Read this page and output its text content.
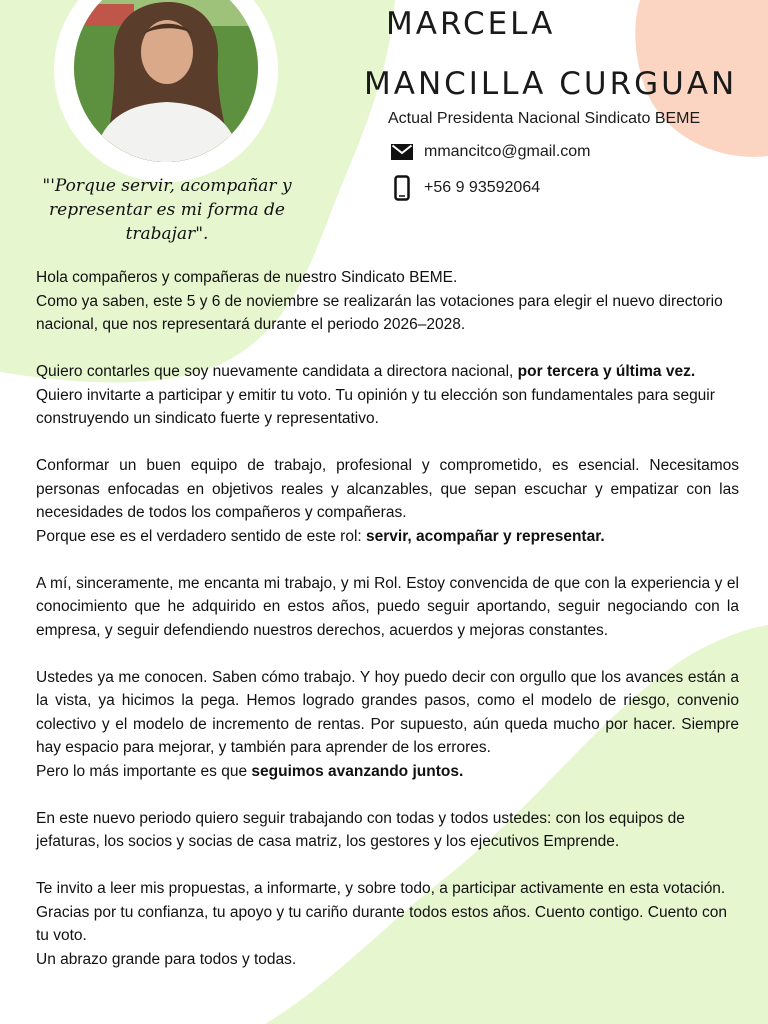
MARCELA
MANCILLA CURGUAN
Actual Presidenta Nacional Sindicato BEME
mmancitco@gmail.com
+56 9 93592064
"'Porque servir, acompañar y representar es mi forma de trabajar".

Hola compañeros y compañeras de nuestro Sindicato BEME.
Como ya saben, este 5 y 6 de noviembre se realizarán las votaciones para elegir el nuevo directorio nacional, que nos representará durante el periodo 2026–2028.

Quiero contarles que soy nuevamente candidata a directora nacional, por tercera y última vez. Quiero invitarte a participar y emitir tu voto. Tu opinión y tu elección son fundamentales para seguir construyendo un sindicato fuerte y representativo.

Conformar un buen equipo de trabajo, profesional y comprometido, es esencial. Necesitamos personas enfocadas en objetivos reales y alcanzables, que sepan escuchar y empatizar con las necesidades de todos los compañeros y compañeras.
Porque ese es el verdadero sentido de este rol: servir, acompañar y representar.

A mí, sinceramente, me encanta mi trabajo, y mi Rol. Estoy convencida de que con la experiencia y el conocimiento que he adquirido en estos años, puedo seguir aportando, seguir negociando con la empresa, y seguir defendiendo nuestros derechos, acuerdos y mejoras constantes.

Ustedes ya me conocen. Saben cómo trabajo. Y hoy puedo decir con orgullo que los avances están a la vista, ya hicimos la pega. Hemos logrado grandes pasos, como el modelo de riesgo, convenio colectivo y el modelo de incremento de rentas. Por supuesto, aún queda mucho por hacer. Siempre hay espacio para mejorar, y también para aprender de los errores.
Pero lo más importante es que seguimos avanzando juntos.

En este nuevo periodo quiero seguir trabajando con todas y todos ustedes: con los equipos de jefaturas, los socios y socias de casa matriz, los gestores y los ejecutivos Emprende.

Te invito a leer mis propuestas, a informarte, y sobre todo, a participar activamente en esta votación.
Gracias por tu confianza, tu apoyo y tu cariño durante todos estos años. Cuento contigo. Cuento con tu voto.
Un abrazo grande para todos y todas.
